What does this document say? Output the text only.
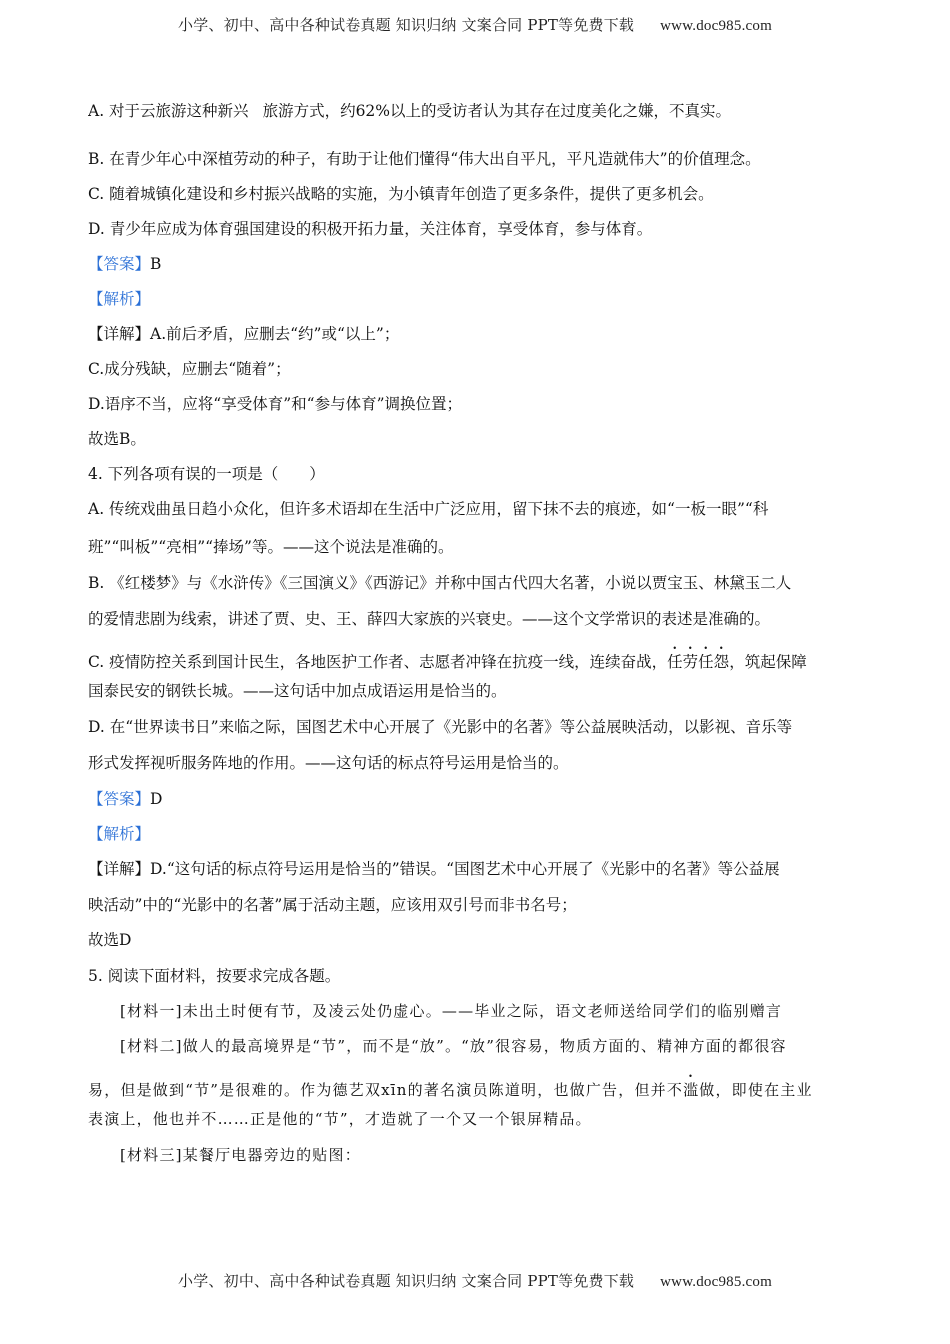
小学、初中、高中各种试卷真题 知识归纳 文案合同 PPT等免费下载 www.doc985.com
A. 对于云旅游这种新兴 旅游方式，约62%以上的受访者认为其存在过度美化之嫌，不真实。
B. 在青少年心中深植劳动的种子，有助于让他们懂得“伟大出自平凡，平凡造就伟大”的价值理念。
C. 随着城镇化建设和乡村振兴战略的实施，为小镇青年创造了更多条件，提供了更多机会。
D. 青少年应成为体育强国建设的积极开拓力量，关注体育，享受体育，参与体育。
【答案】B
【解析】
【详解】A.前后矛盾，应删去“约”或“以上”；
C.成分残缺，应删去“随着”；
D.语序不当，应将“享受体育”和“参与体育”调换位置；
故选B。
4. 下列各项有误的一项是（　　）
A. 传统戏曲虽日趋小众化，但许多术语却在生活中广泛应用，留下抹不去的痕迹，如“一板一眼”“科
班”“叫板”“亮相”“捧场”等。——这个说法是准确的。
B. 《红楼梦》与《水浒传》《三国演义》《西游记》并称中国古代四大名著，小说以贾宝玉、林黛玉二人
的爱情悲剧为线索，讲述了贾、史、王、薛四大家族的兴衰史。——这个文学常识的表述是准确的。
C. 疫情防控关系到国计民生，各地医护工作者、志愿者冲锋在抗疫一线，连续奋战，任劳任怨，筑起保障
国泰民安的钢铁长城。——这句话中加点成语运用是恰当的。
D. 在“世界读书日”来临之际，国图艺术中心开展了《光影中的名著》等公益展映活动，以影视、音乐等
形式发挥视听服务阵地的作用。——这句话的标点符号运用是恰当的。
【答案】D
【解析】
【详解】D.“这句话的标点符号运用是恰当的”错误。“国图艺术中心开展了《光影中的名著》等公益展
映活动”中的“光影中的名著”属于活动主题，应该用双引号而非书名号；
故选D
5. 阅读下面材料，按要求完成各题。
[材料一]未出土时便有节，及凌云处仍虚心。——毕业之际，语文老师送给同学们的临别赠言
[材料二]做人的最高境界是“节”，而不是“放”。“放”很容易，物质方面的、精神方面的都很容
易，但是做到“节”是很难的。作为德艺双xīn的著名演员陈道明，也做广告，但并不滥做，即使在主业
表演上，他也并不……正是他的“节”，才造就了一个又一个银屏精品。
[材料三]某餐厅电器旁边的贴图：
小学、初中、高中各种试卷真题 知识归纳 文案合同 PPT等免费下载 www.doc985.com
